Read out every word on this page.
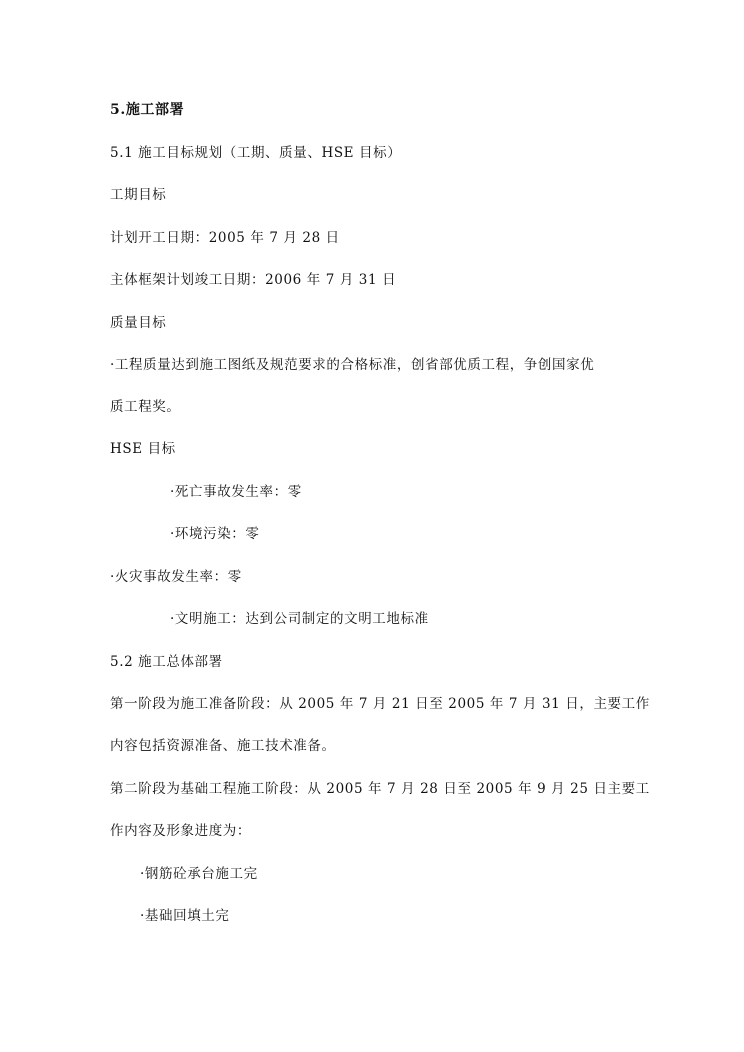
5.施工部署
5.1 施工目标规划（工期、质量、HSE 目标）
工期目标
计划开工日期：2005 年 7 月 28 日
主体框架计划竣工日期：2006 年 7 月 31 日
质量目标
·工程质量达到施工图纸及规范要求的合格标准，创省部优质工程，争创国家优
质工程奖。
HSE 目标
·死亡事故发生率：零
·环境污染：零
·火灾事故发生率：零
·文明施工：达到公司制定的文明工地标准
5.2 施工总体部署
第一阶段为施工准备阶段：从 2005 年 7 月 21 日至 2005 年 7 月 31 日，主要工作
内容包括资源准备、施工技术准备。
第二阶段为基础工程施工阶段：从 2005 年 7 月 28 日至 2005 年 9 月 25 日主要工
作内容及形象进度为：
·钢筋砼承台施工完
·基础回填土完
